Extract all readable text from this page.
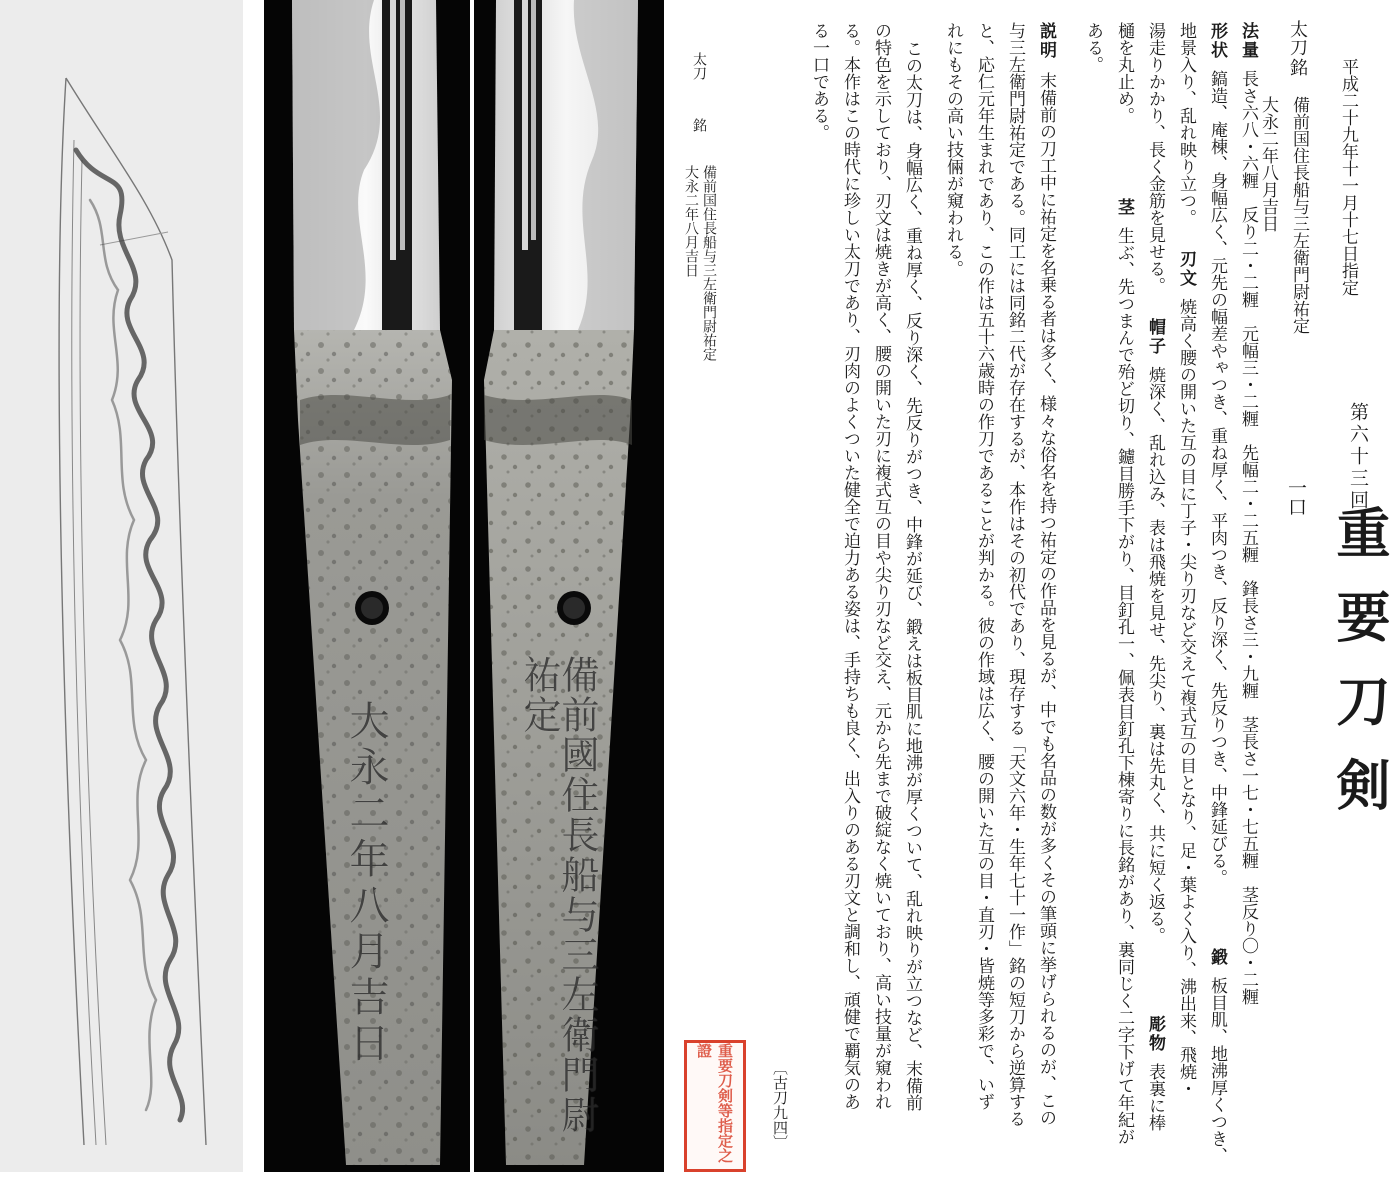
大永二年八月吉日	備前國住長船与三左衛門尉祐定
太刀
銘
備前国住長船与三左衛門尉祐定
大永二年八月吉日
重要刀剣等指定之證
第六十三回
重要刀剣
平成二十九年十一月十七日指定
一口
備前国住長船与三左衛門尉祐定
大永二年八月吉日
太刀
銘
法量長さ六八・六糎　反り二・二糎　元幅三・二糎　先幅二・二五糎　鋒長さ三・九糎　茎長さ一七・七五糎　茎反り〇・二糎
形状鎬造、庵棟、身幅広く、元先の幅差やゃつき、重ね厚く、平肉つき、反り深く、先反りつき、中鋒延びる。
鍛板目肌、地沸厚くつき、
地景入り、乱れ映り立つ。
刃文焼高く腰の開いた互の目に丁子・尖り刃など交えて複式互の目となり、足・葉よく入り、沸出来、飛焼・
湯走りかかり、長く金筋を見せる。
帽子焼深く、乱れ込み、表は飛焼を見せ、先尖り、裏は先丸く、共に短く返る。
彫物表裏に棒
樋を丸止め。
茎生ぶ、先つまんで殆ど切り、鑢目勝手下がり、目釘孔一、佩表目釘孔下棟寄りに長銘があり、裏同じく二字下げて年紀が
ある。
説明
末備前の刀工中に祐定を名乗る者は多く、様々な俗名を持つ祐定の作品を見るが、中でも名品の数が多くその筆頭に挙げられるのが、この
与三左衛門尉祐定である。同工には同銘二代が存在するが、本作はその初代であり、現存する「天文六年・生年七十一作」銘の短刀から逆算する
と、応仁元年生まれであり、この作は五十六歳時の作刀であることが判かる。彼の作域は広く、腰の開いた互の目・直刃・皆焼等多彩で、いず
れにもその高い技倆が窺われる。
この太刀は、身幅広く、重ね厚く、反り深く、先反りがつき、中鋒が延び、鍛えは板目肌に地沸が厚くついて、乱れ映りが立つなど、末備前
の特色を示しており、刃文は焼きが高く、腰の開いた刃に複式互の目や尖り刃など交え、元から先まで破綻なく焼いており、高い技量が窺われ
る。本作はこの時代に珍しい太刀であり、刃肉のよくついた健全で迫力ある姿は、手持ちも良く、出入りのある刃文と調和し、頑健で覇気のあ
る一口である。
〔古刀九四〕
